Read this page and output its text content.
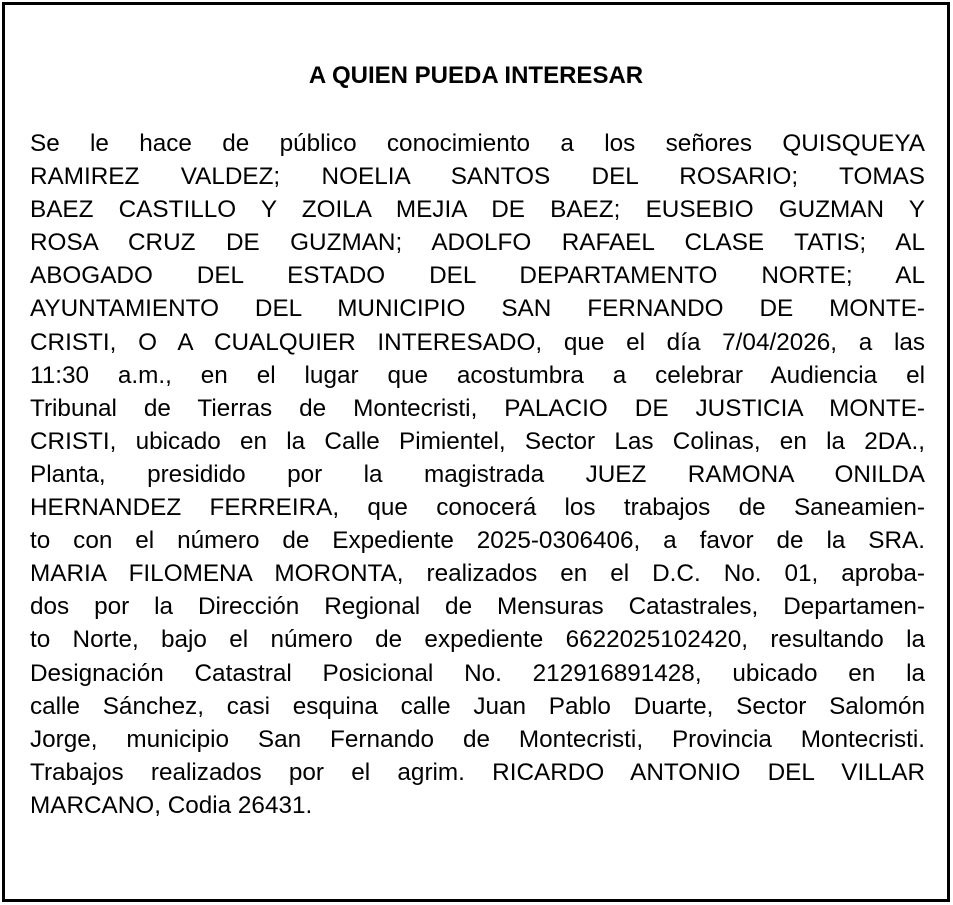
A QUIEN PUEDA INTERESAR
Se le hace de público conocimiento a los señores QUISQUEYA
RAMIREZ VALDEZ; NOELIA SANTOS DEL ROSARIO; TOMAS
BAEZ CASTILLO Y ZOILA MEJIA DE BAEZ; EUSEBIO GUZMAN Y
ROSA CRUZ DE GUZMAN; ADOLFO RAFAEL CLASE TATIS; AL
ABOGADO DEL ESTADO DEL DEPARTAMENTO NORTE; AL
AYUNTAMIENTO DEL MUNICIPIO SAN FERNANDO DE MONTE-
CRISTI, O A CUALQUIER INTERESADO, que el día 7/04/2026, a las
11:30 a.m., en el lugar que acostumbra a celebrar Audiencia el
Tribunal de Tierras de Montecristi, PALACIO DE JUSTICIA MONTE-
CRISTI, ubicado en la Calle Pimientel, Sector Las Colinas, en la 2DA.,
Planta, presidido por la magistrada JUEZ RAMONA ONILDA
HERNANDEZ FERREIRA, que conocerá los trabajos de Saneamien-
to con el número de Expediente 2025-0306406, a favor de la SRA.
MARIA FILOMENA MORONTA, realizados en el D.C. No. 01, aproba-
dos por la Dirección Regional de Mensuras Catastrales, Departamen-
to Norte, bajo el número de expediente 6622025102420, resultando la
Designación Catastral Posicional No. 212916891428, ubicado en la
calle Sánchez, casi esquina calle Juan Pablo Duarte, Sector Salomón
Jorge, municipio San Fernando de Montecristi, Provincia Montecristi.
Trabajos realizados por el agrim. RICARDO ANTONIO DEL VILLAR
MARCANO, Codia 26431.
